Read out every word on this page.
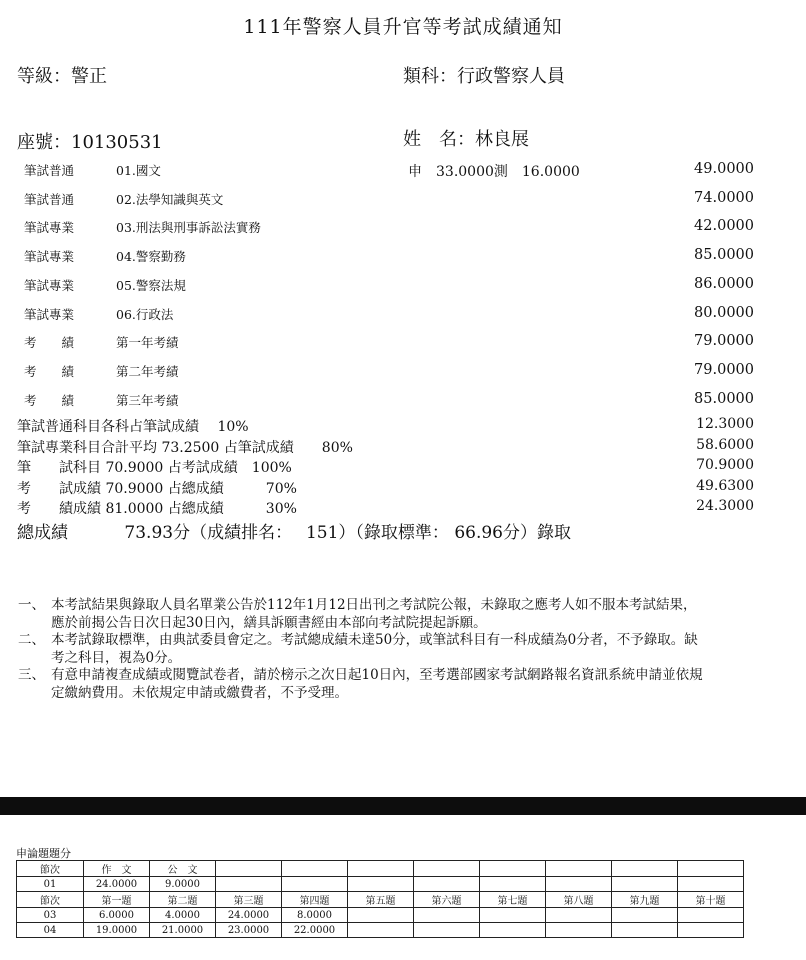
111年警察人員升官等考試成績通知
等級：警正	類科：行政警察人員
座號：10130531	姓　名：林良展
筆試普通	01.國文	申　33.0000測　16.0000	49.0000
筆試普通	02.法學知識與英文	74.0000
筆試專業	03.刑法與刑事訴訟法實務	42.0000
筆試專業	04.警察勤務	85.0000
筆試專業	05.警察法規	86.0000
筆試專業	06.行政法	80.0000
考　　績	第一年考績	79.0000
考　　績	第二年考績	79.0000
考　　績	第三年考績	85.0000
筆試普通科目各科占筆試成績　 10%	12.3000
筆試專業科目合計平均 73.2500 占筆試成績　　80%	58.6000
筆　　試科目 70.9000 占考試成績　100%	70.9000
考　　試成績 70.9000 占總成績　　　70%	49.6300
考　　績成績 81.0000 占總成績　　　30%	24.3000
總成績　　　 73.93分（成績排名：　 151）（錄取標準： 66.96分）錄取
一、 本考試結果與錄取人員名單業公告於112年1月12日出刊之考試院公報，未錄取之應考人如不服本考試結果，應於前揭公告日次日起30日內，繕具訴願書經由本部向考試院提起訴願。
二、 本考試錄取標準，由典試委員會定之。考試總成績未達50分，或筆試科目有一科成績為0分者，不予錄取。缺考之科目，視為0分。
三、 有意申請複查成績或閱覽試卷者，請於榜示之次日起10日內，至考選部國家考試網路報名資訊系統申請並依規定繳納費用。未依規定申請或繳費者，不予受理。
申論題題分
節次	作　文	公　文								
01	24.0000	9.0000								
節次	第一題	第二題	第三題	第四題	第五題	第六題	第七題	第八題	第九題	第十題
03	6.0000	4.0000	24.0000	8.0000						
04	19.0000	21.0000	23.0000	22.0000						
